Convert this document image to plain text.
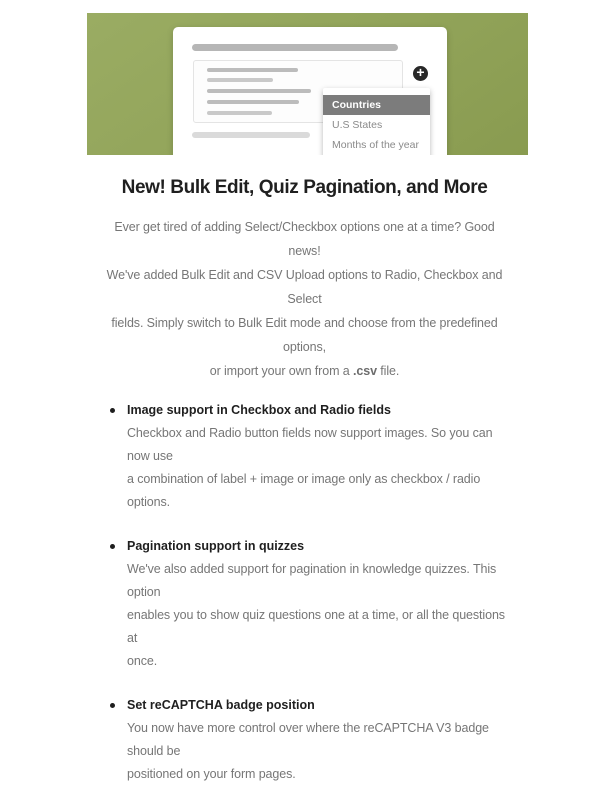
+
Countries
U.S States
Months of the year
New! Bulk Edit, Quiz Pagination, and More
Ever get tired of adding Select/Checkbox options one at a time? Good news!
We've added Bulk Edit and CSV Upload options to Radio, Checkbox and Select
fields. Simply switch to Bulk Edit mode and choose from the predefined options,
or import your own from a .csv file.
Image support in Checkbox and Radio fields
Checkbox and Radio button fields now support images. So you can now use
a combination of label + image or image only as checkbox / radio options.
Pagination support in quizzes
We've also added support for pagination in knowledge quizzes. This option
enables you to show quiz questions one at a time, or all the questions at
once.
Set reCAPTCHA badge position
You now have more control over where the reCAPTCHA V3 badge should be
positioned on your form pages.
